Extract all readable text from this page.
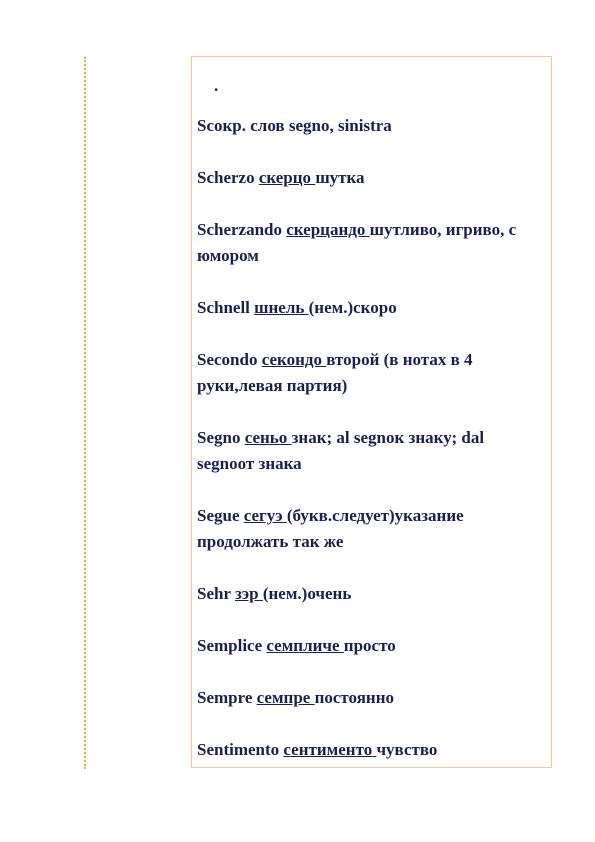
.
Scoкр. слов segno, sinistra
Scherzo скерцо шутка
Scherzando скерцандо шутливо, игриво, с юмором
Schnell шнель (нем.)скоро
Secondo секондо второй (в нотах в 4 руки,левая партия)
Segno сеньо знак; al segnoк знаку; dal segnoот знака
Segue сегуэ (букв.следует)указание продолжать так же
Sehr зэр (нем.)очень
Semplice семпличе просто
Sempre семпре постоянно
Sentimento сентименто чувство
